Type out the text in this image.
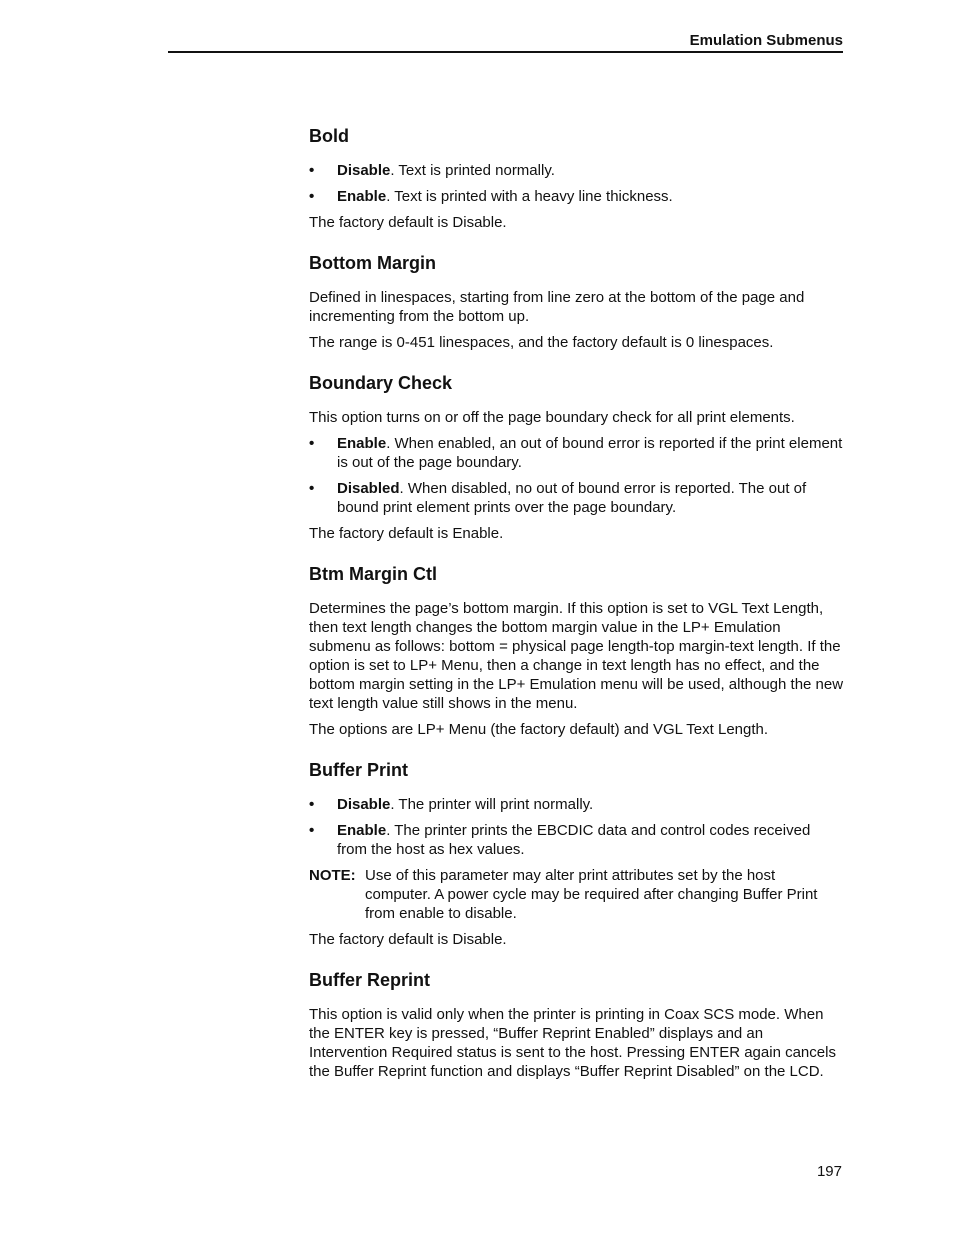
Emulation Submenus
Bold
• Disable. Text is printed normally.
• Enable. Text is printed with a heavy line thickness.

The factory default is Disable.

Bottom Margin

Defined in linespaces, starting from line zero at the bottom of the page and incrementing from the bottom up.

The range is 0-451 linespaces, and the factory default is 0 linespaces.

Boundary Check

This option turns on or off the page boundary check for all print elements.

• Enable. When enabled, an out of bound error is reported if the print element is out of the page boundary.
• Disabled. When disabled, no out of bound error is reported. The out of bound print element prints over the page boundary.

The factory default is Enable.

Btm Margin Ctl

Determines the page’s bottom margin. If this option is set to VGL Text Length, then text length changes the bottom margin value in the LP+ Emulation submenu as follows: bottom = physical page length-top margin-text length. If the option is set to LP+ Menu, then a change in text length has no effect, and the bottom margin setting in the LP+ Emulation menu will be used, although the new text length value still shows in the menu.

The options are LP+ Menu (the factory default) and VGL Text Length.

Buffer Print
• Disable. The printer will print normally.
• Enable. The printer prints the EBCDIC data and control codes received from the host as hex values.
NOTE: Use of this parameter may alter print attributes set by the host computer. A power cycle may be required after changing Buffer Print from enable to disable.

The factory default is Disable.

Buffer Reprint

This option is valid only when the printer is printing in Coax SCS mode. When the ENTER key is pressed, “Buffer Reprint Enabled” displays and an Intervention Required status is sent to the host. Pressing ENTER again cancels the Buffer Reprint function and displays “Buffer Reprint Disabled” on the LCD.

197
